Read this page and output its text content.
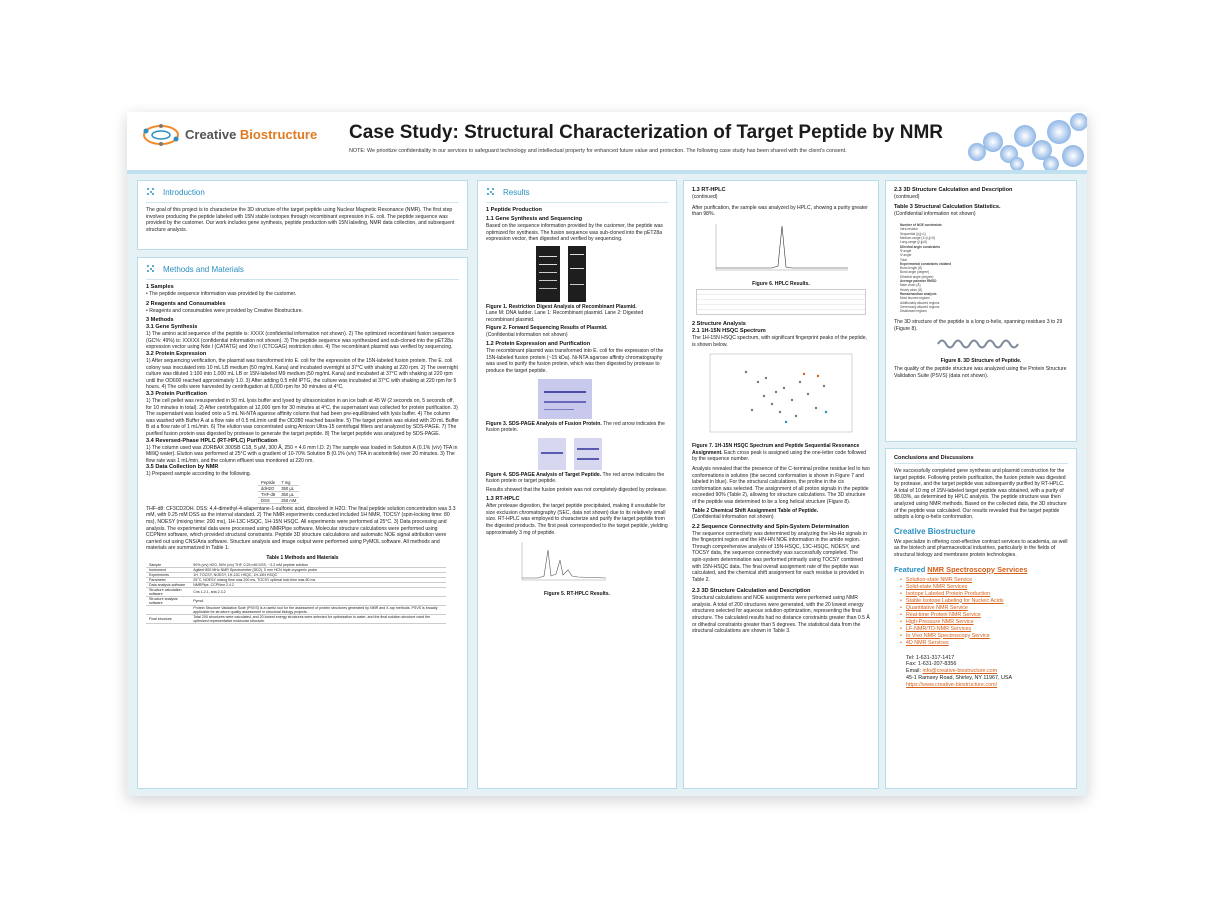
Creative Biostructure Case Study: Structural Characterization of Target Peptide by NMR
NOTE: We prioritize confidentiality in our services to safeguard technology and intellectual property for enhanced future value and protection. The following case study has been shared with the client's consent.
Introduction
The goal of this project is to characterize the 3D structure of the target peptide using Nuclear Magnetic Resonance (NMR). The first step involves producing the peptide labeled with 15N stable isotopes through recombinant expression in E. coli. The peptide sequence was provided by the customer. Our work includes gene synthesis, peptide production with 15N labeling, NMR data collection, and subsequent structure analysis.
Methods and Materials
1 Samples
• The peptide sequence information was provided by the customer.
2 Reagents and Consumables
• Reagents and consumables were provided by Creative Biostructure.
3 Methods
3.1 Gene Synthesis
1) The amino acid sequence of the peptide is: XXXX (confidential information not shown). 2) The optimized recombinant fusion sequence (GC%: 49%) is: XXXXX (confidential information not shown). 3) The peptide sequence was synthesized and sub-cloned into the pET28a expression vector using Nde I (CATATG) and Xho I (CTCGAG) restriction sites. 4) The recombinant plasmid was verified by sequencing.
3.2 Protein Expression
1) After sequencing verification, the plasmid was transformed into E. coli for the expression of the 15N-labeled fusion protein. The E. coli colony was inoculated into 10 mL LB medium (50 mg/mL Kana) and incubated overnight at 37°C with shaking at 220 rpm. 2) The overnight culture was diluted 1:100 into 1,000 mL LB or 15N-labeled M9 medium (50 mg/mL Kana) and incubated at 37°C with shaking at 220 rpm until the OD600 reached approximately 1.0. 3) After adding 0.5 mM IPTG, the culture was incubated at 37°C with shaking at 220 rpm for 5 hours. 4) The cells were harvested by centrifugation at 6,000 rpm for 30 minutes at 4°C.
3.3 Protein Purification
1) The cell pellet was resuspended in 50 mL lysis buffer and lysed by ultrasonication in an ice bath at 45 W (2 seconds on, 5 seconds off, for 10 minutes in total). 2) After centrifugation at 12,000 rpm for 30 minutes at 4°C, the supernatant was collected for protein purification. 3) The supernatant was loaded onto a 5 mL Ni-NTA agarose affinity column that had been pre-equilibrated with lysis buffer. 4) The column was washed with Buffer A at a flow rate of 0.5 mL/min until the OD280 reached baseline. 5) The target protein was eluted with 20 mL Buffer B at a flow rate of 1 mL/min. 6) The elution was concentrated using Amicon Ultra-15 centrifugal filters and analyzed by SDS-PAGE. 7) The purified fusion protein was digested by protease to generate the target peptide. 8) The target peptide was analyzed by SDS-PAGE.
3.4 Reversed-Phase HPLC (RT-HPLC) Purification
1) The column used was ZORBAX 300SB C18, 5 μM, 300 Å, 250 × 4.6 mm I.D. 2) The sample was loaded in Solution A (0.1% (v/v) TFA in MilliQ water). Elution was performed at 25°C with a gradient of 10-70% Solution B (0.1% (v/v) TFA in acetonitrile) over 20 minutes. 3) The flow rate was 1 mL/min, and the column effluent was monitored at 220 nm.
3.5 Data Collection by NMR
1) Prepared sample according to the following.
Peptide	7 mg
ddH2O	350 μL
THF-d8	350 μL
DSS	250 mM
THF-d8: CF3CD2OH. DSS: 4,4-dimethyl-4-silapentane-1-sulfonic acid, dissolved in H2O. The final peptide solution concentration was 3.3 mM, with 0.25 mM DSS as the internal standard. 2) The NMR experiments conducted included 1H NMR, TOCSY (spin-locking time: 80 ms), NOESY (mixing time: 200 ms), 1H-13C HSQC, 1H-15N HSQC. All experiments were performed at 25°C. 3) Data processing and analysis. The experimental data were processed using NMRPipe software. Molecular structure calculations were performed using CCPNmr software, which provided structural constraints. Peptide 3D structure calculations and automatic NOE signal attribution were carried out using CNS/Aria software. Structure analysis and image output were performed using PyMOL software. All methods and materials are summarized in Table 1.
Table 1 Methods and Materials
Sample	90% (v/v) H2O, 50% (v/v) THF, 0.25 mM DSS, ~3.3 mM peptide solution
Instrument	Agilent 800 MHz NMR Spectrometer (DD2), 5 mm HCN triple cryogenic probe
Experiments	1H, TOCSY, NOESY, 1H-13C HSQC, 1H-15N HSQC
Parameter	25°C, NOESY mixing time was 200 ms, TOCSY optimal lock time was 80 ms
Data analysis software	NMRPipe, CCPNmr 2.4.2
Structure calculation software	Cns 1.2.1, aria 2.3.2
Structure analysis software	Pymol
	Protein Structure Validation Suite (PSVS) is a useful tool for the assessment of protein structures generated by NMR and X-ray methods. PSVS is broadly applicable for structure quality assessment in structural biology projects.
Final structure	Total 200 structures were calculated, and 20 lowest energy structures were selected for optimization in water, and the final solution structure used the optimized representative molecular structure.
Results
1 Peptide Production
1.1 Gene Synthesis and Sequencing
Based on the sequence information provided by the customer, the peptide was optimized for synthesis. The fusion sequence was sub-cloned into the pET28a expression vector, then digested and verified by sequencing.
Figure 1. Restriction Digest Analysis of Recombinant Plasmid.
Lane M: DNA ladder. Lane 1: Recombinant plasmid. Lane 2: Digested recombinant plasmid.
Figure 2. Forward Sequencing Results of Plasmid.
(Confidential information not shown)
1.2 Protein Expression and Purification
The recombinant plasmid was transformed into E. coli for the expression of the 15N-labeled fusion protein (~15 kDa). Ni-NTA agarose affinity chromatography was used to purify the fusion protein, which was then digested by protease to produce the target peptide.
Figure 3. SDS-PAGE Analysis of Fusion Protein. The red arrow indicates the fusion protein.
Figure 4. SDS-PAGE Analysis of Target Peptide. The red arrow indicates the fusion protein or target peptide.
Results showed that the fusion protein was not completely digested by protease.
1.3 RT-HPLC
After protease digestion, the target peptide precipitated, making it unsuitable for size exclusion chromatography (SEC, data not shown) due to its relatively small size. RT-HPLC was employed to characterize and purify the target peptide from the digested products. The first peak corresponded to the target peptide, yielding approximately 3 mg of peptide.
Figure 5. RT-HPLC Results.
1.3 RT-HPLC
(continued)
After purification, the sample was analyzed by HPLC, showing a purity greater than 98%.
Figure 6. HPLC Results.
2 Structure Analysis
2.1 1H-15N HSQC Spectrum
The 1H-15N HSQC spectrum, with significant fingerprint peaks of the peptide, is shown below.
Figure 7. 1H-15N HSQC Spectrum and Peptide Sequential Resonance Assignment. Each cross peak is assigned using the one-letter code followed by the sequence number.
Analysis revealed that the presence of the C-terminal proline residue led to two conformations in solution (the second conformation is shown in Figure 7 and labeled in blue). For the structural calculations, the proline in the cis conformation was selected. The assignment of all proton signals in the peptide exceeded 90% (Table 2), allowing for structure calculations. The 3D structure of the peptide was determined to be a long helical structure (Figure 8).
Table 2 Chemical Shift Assignment Table of Peptide.
(Confidential information not shown)
2.2 Sequence Connectivity and Spin-System Determination
The sequence connectivity was determined by analyzing the Hα-Hα signals in the fingerprint region and the HN-HN NOE information in the amide region. Through comprehensive analysis of 15N-HSQC, 13C-HSQC, NOESY, and TOCSY data, the sequence connectivity was successfully completed. The spin-system determination was performed primarily using TOCSY combined with 15N-HSQC data. The final overall assignment rate of the peptide was calculated, and the chemical shift assignment for each residue is provided in Table 2.
2.3 3D Structure Calculation and Description
Structural calculations and NOE assignments were performed using NMR analysis. A total of 200 structures were generated, with the 20 lowest energy structures selected for aqueous solution optimization, representing the final structure. The calculated results had no distance constraints greater than 0.5 Å or dihedral constraints greater than 5 degrees. The statistical data from the structural calculations are shown in Table 3.
2.3 3D Structure Calculation and Description
(continued)
Table 3 Structural Calculation Statistics.
(Confidential information not shown)
Number of NOE constraints
Intra-residue
Sequential (|i-j|=1)
Medium-range (1<|i-j|<5)
Long-range (|i-j|≥5)
Dihedral angle constraints
Φ angle
Ψ angle
Total
Experimental constraints violated
Bond length (Å)
Bond angle (degree)
Dihedral angle (degree)
Average pairwise RMSD
Main chain (Å)
Heavy atom (Å)
Ramachandran analysis
Most favored regions
Additionally allowed regions
Generously allowed regions
Disallowed regions
The 3D structure of the peptide is a long α-helix, spanning residues 3 to 29 (Figure 8).
Figure 8. 3D Structure of Peptide.
The quality of the peptide structure was analyzed using the Protein Structure Validation Suite (PSVS) (data not shown).
Conclusions and Discussions
We successfully completed gene synthesis and plasmid construction for the target peptide. Following protein purification, the fusion protein was digested by protease, and the target peptide was subsequently purified by RT-HPLC. A total of 10 mg of 15N-labeled target peptide was obtained, with a purity of 98.03%, as determined by HPLC analysis. The peptide structure was then analyzed using NMR methods. Based on the collected data, the 3D structure of the peptide was calculated. Our results revealed that the target peptide adopts a long α-helix conformation.
Creative Biostructure
We specialize in offering cost-effective contract services to academia, as well as the biotech and pharmaceutical industries, particularly in the fields of structural biology and membrane protein technologies.
Featured NMR Spectroscopy Services
• Solution-state NMR Service
• Solid-state NMR Services
• Isotope Labeled Protein Production
• Stable Isotope Labeling for Nucleic Acids
• Quantitative NMR Service
• Real-time Protein NMR Service
• High-Pressure NMR Service
• LF-NMR/TD-NMR Services
• In Vivo NMR Spectroscopy Service
• 4D NMR Services
Tel: 1-631-317-1417
Fax: 1-631-207-8356
Email: info@creative-biostructure.com
45-1 Ramsey Road, Shirley, NY 11967, USA
https://www.creative-biostructure.com/
